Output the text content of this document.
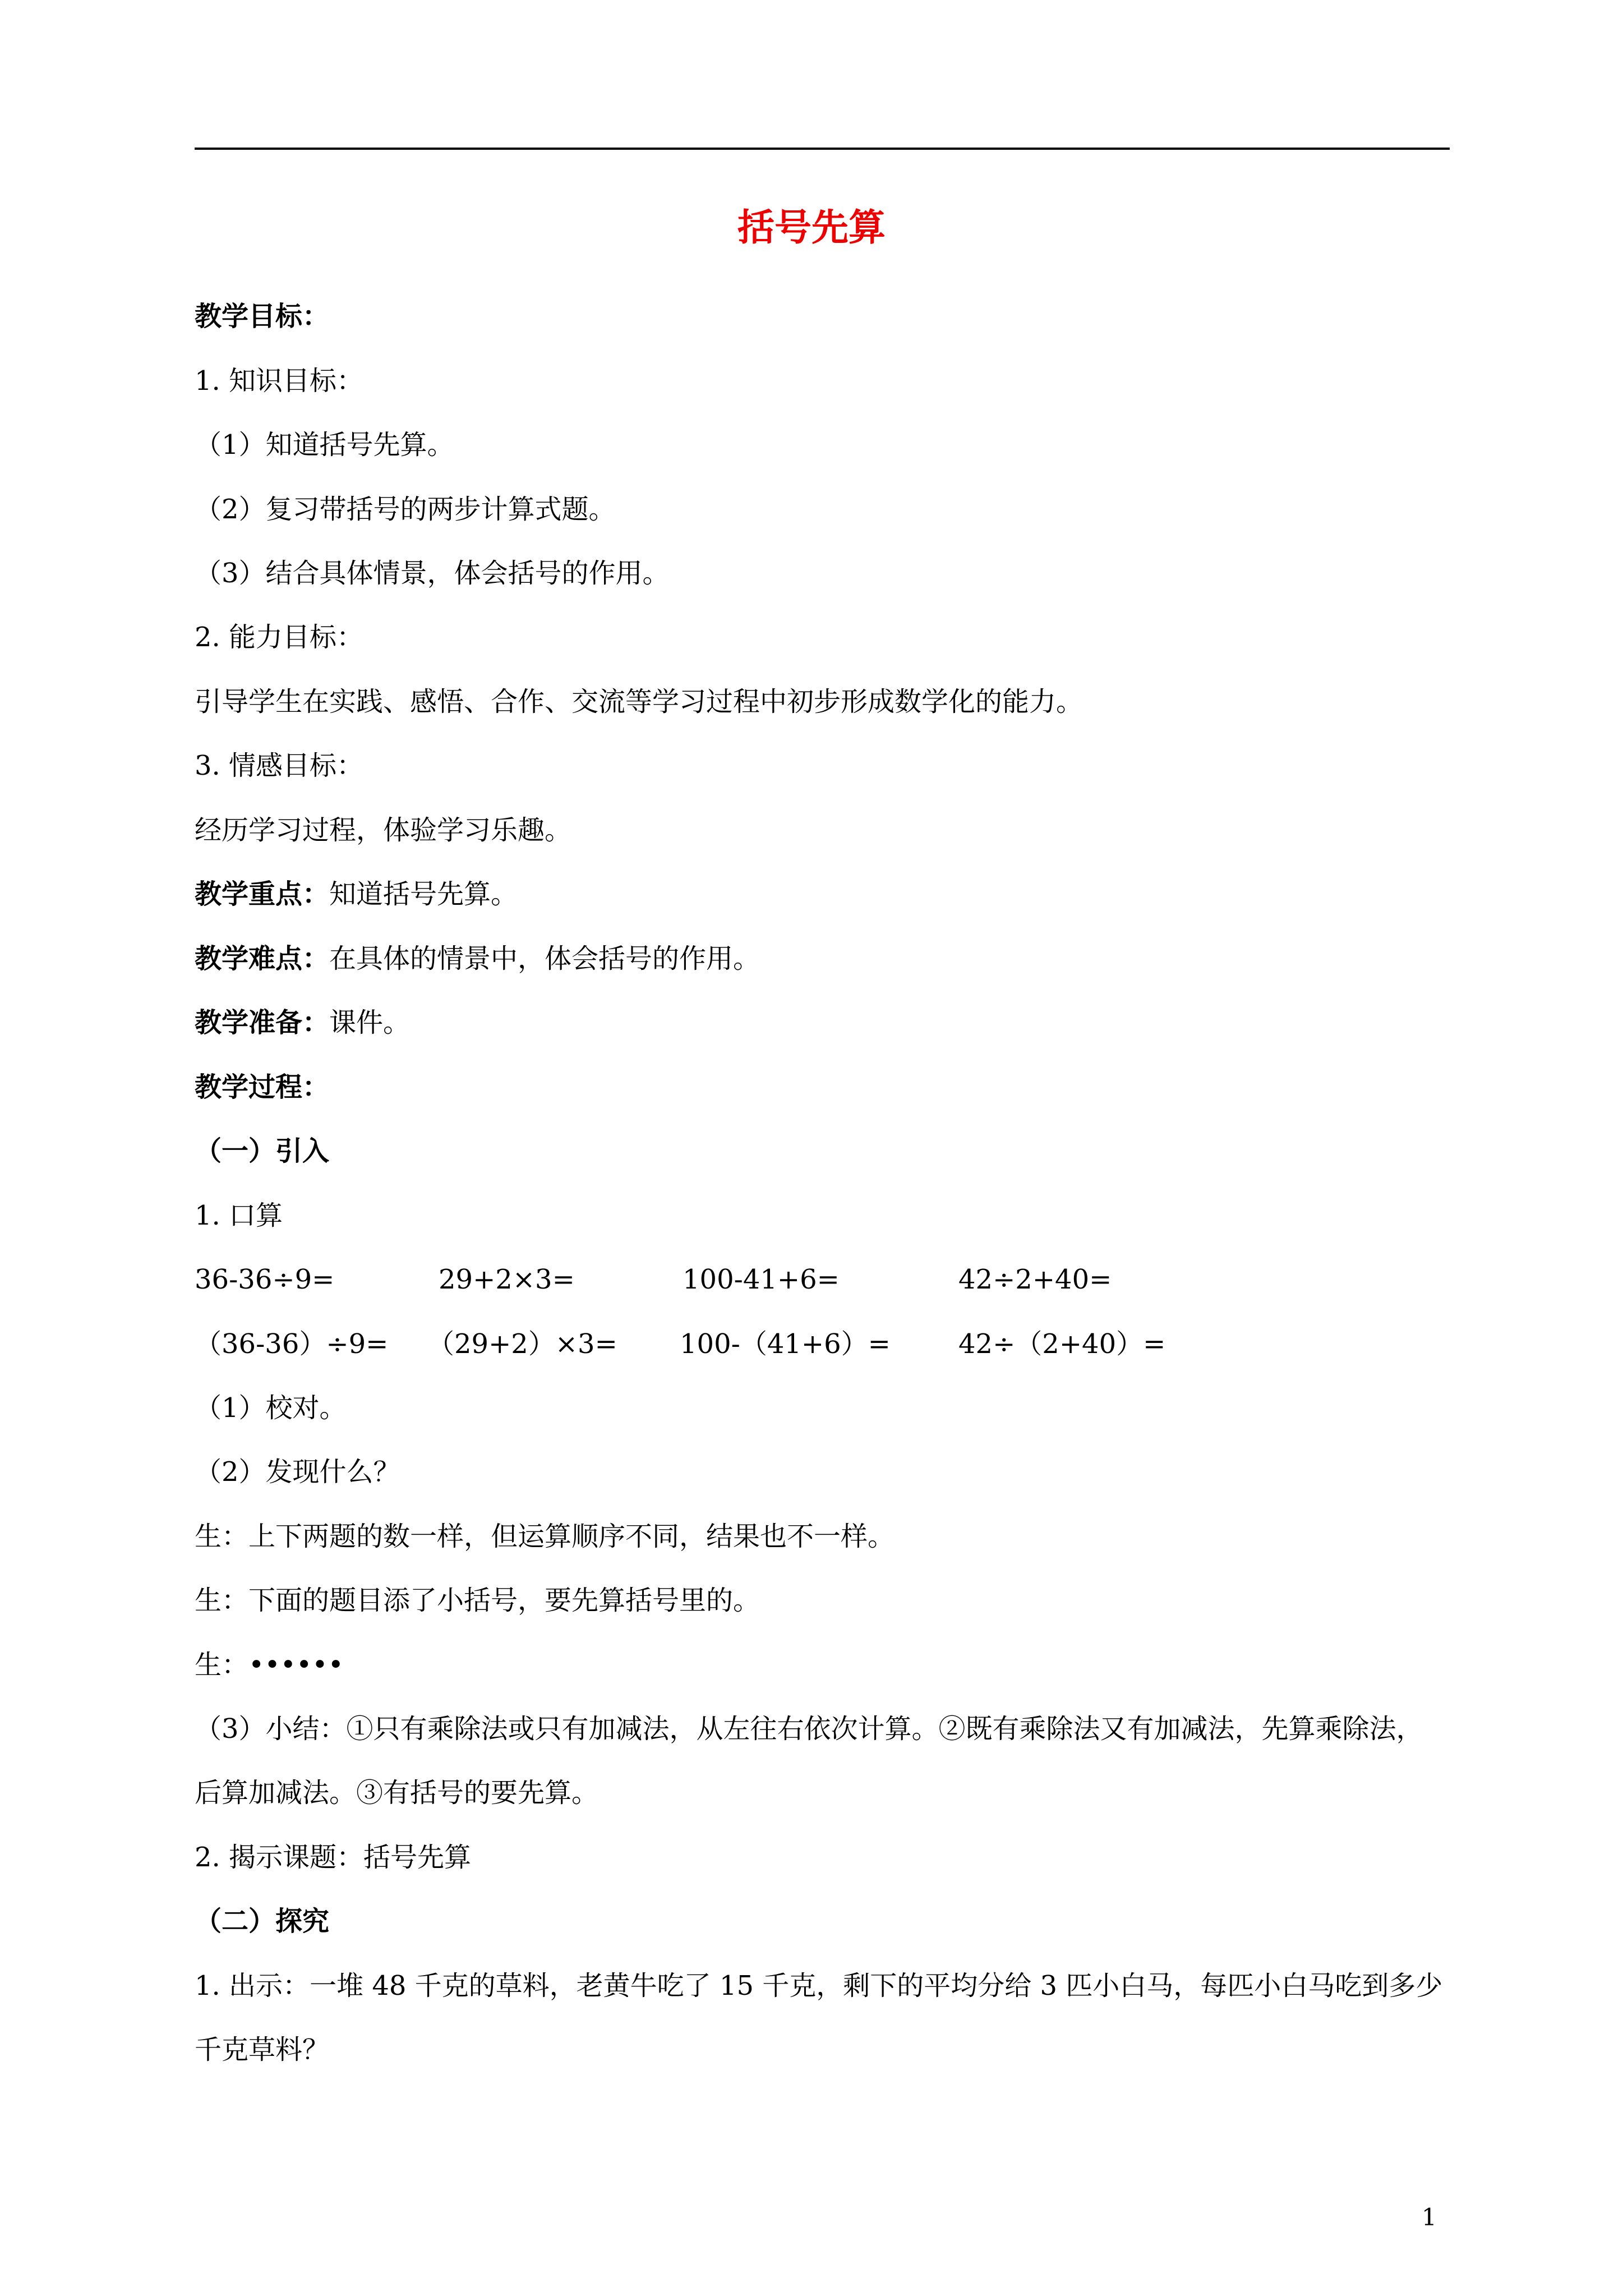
括号先算
教学目标：
1. 知识目标：
（1）知道括号先算。
（2）复习带括号的两步计算式题。
（3）结合具体情景，体会括号的作用。
2. 能力目标：
引导学生在实践、感悟、合作、交流等学习过程中初步形成数学化的能力。
3. 情感目标：
经历学习过程，体验学习乐趣。
教学重点：知道括号先算。
教学难点：在具体的情景中，体会括号的作用。
教学准备：课件。
教学过程：
（一）引入
1. 口算
36-36÷9=	29+2×3=	100-41+6=	42÷2+40=
（36-36）÷9= （29+2）×3= 100-（41+6）=	42÷（2+40）=
（1）校对。
（2）发现什么？
生：上下两题的数一样，但运算顺序不同，结果也不一样。
生：下面的题目添了小括号，要先算括号里的。
生：••••••
（3）小结：①只有乘除法或只有加减法，从左往右依次计算。②既有乘除法又有加减法，先算乘除法，后算加减法。③有括号的要先算。
2. 揭示课题：括号先算
（二）探究
1. 出示：一堆 48 千克的草料，老黄牛吃了 15 千克，剩下的平均分给 3 匹小白马，每匹小白马吃到多少千克草料？
1
